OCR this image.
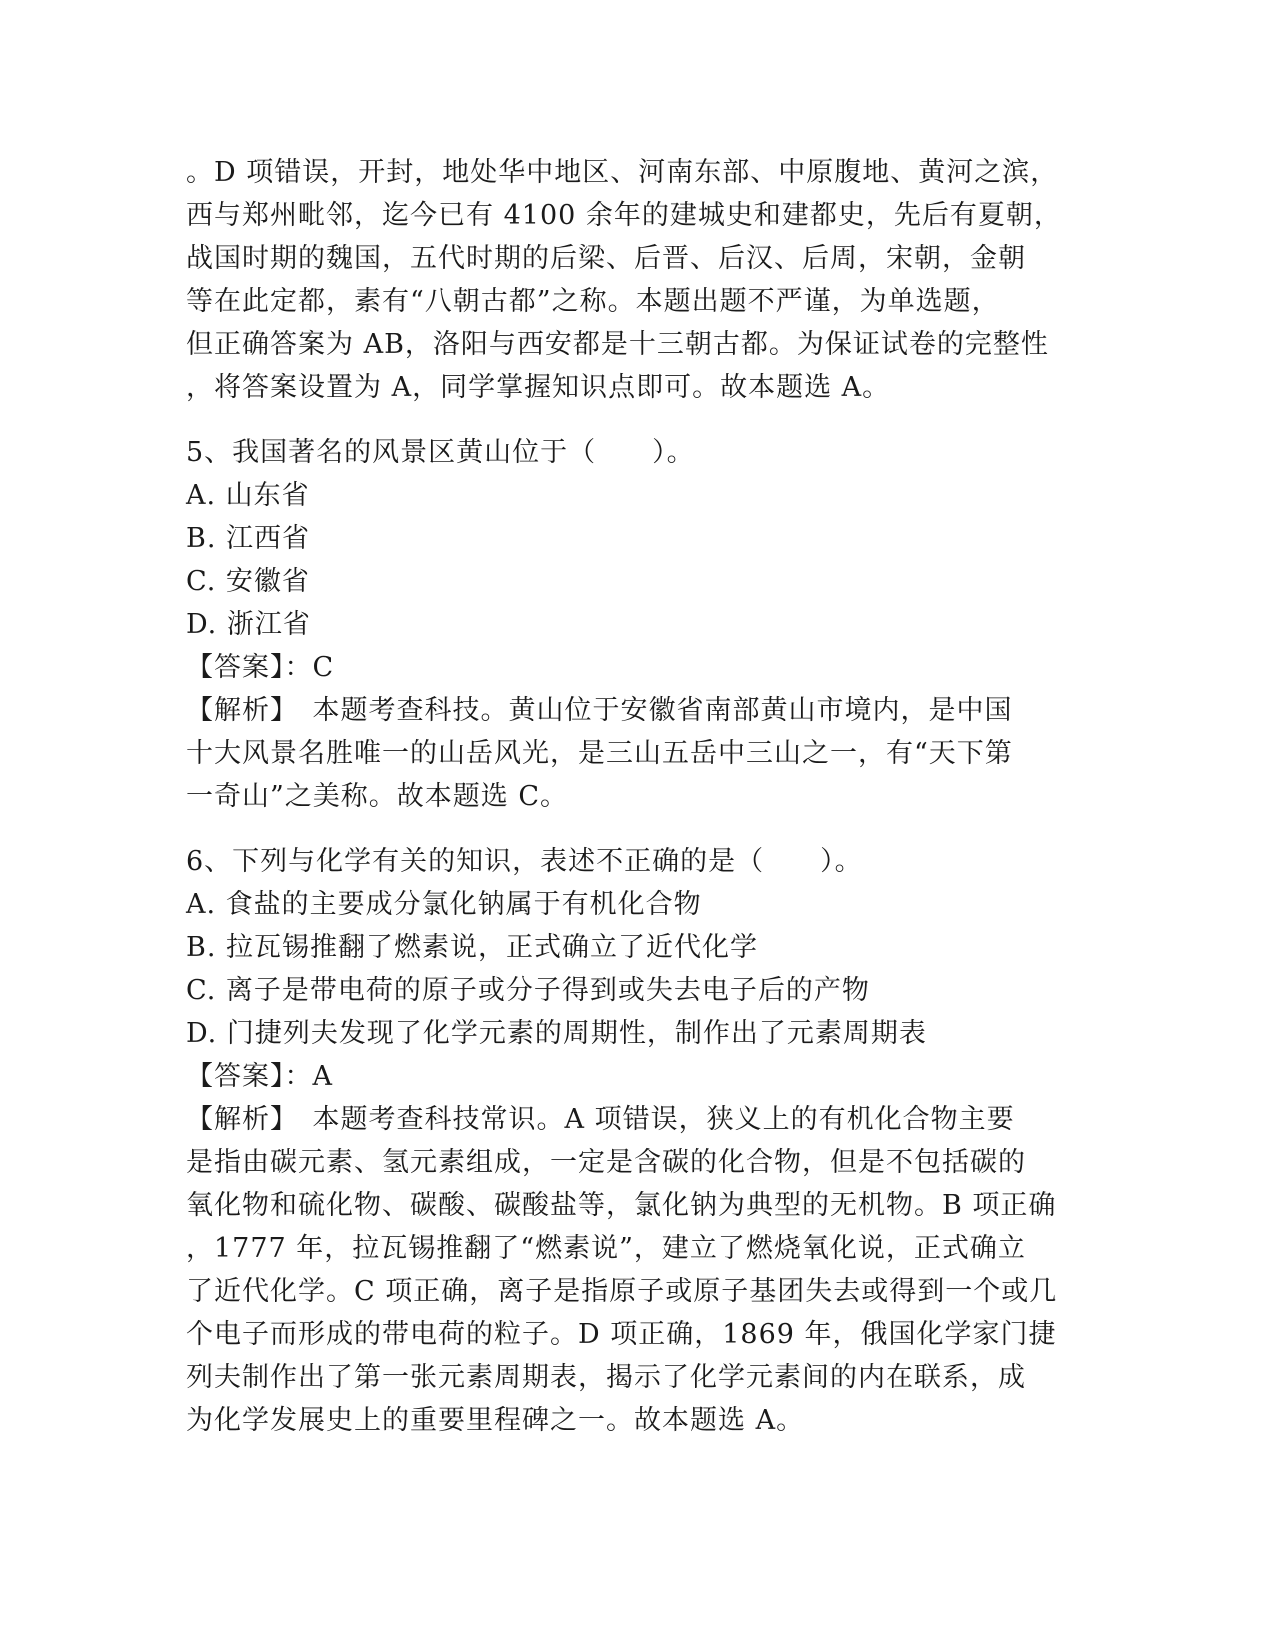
。D 项错误，开封，地处华中地区、河南东部、中原腹地、黄河之滨，
西与郑州毗邻，迄今已有 4100 余年的建城史和建都史，先后有夏朝，
战国时期的魏国，五代时期的后梁、后晋、后汉、后周，宋朝，金朝
等在此定都，素有“八朝古都”之称。本题出题不严谨，为单选题，
但正确答案为 AB，洛阳与西安都是十三朝古都。为保证试卷的完整性
，将答案设置为 A，同学掌握知识点即可。故本题选 A。
5、我国著名的风景区黄山位于（　　）。
A. 山东省
B. 江西省
C. 安徽省
D. 浙江省
【答案】：C
【解析】　本题考查科技。黄山位于安徽省南部黄山市境内，是中国
十大风景名胜唯一的山岳风光，是三山五岳中三山之一，有“天下第
一奇山”之美称。故本题选 C。
6、下列与化学有关的知识，表述不正确的是（　　）。
A. 食盐的主要成分氯化钠属于有机化合物
B. 拉瓦锡推翻了燃素说，正式确立了近代化学
C. 离子是带电荷的原子或分子得到或失去电子后的产物
D. 门捷列夫发现了化学元素的周期性，制作出了元素周期表
【答案】：A
【解析】　本题考查科技常识。A 项错误，狭义上的有机化合物主要
是指由碳元素、氢元素组成，一定是含碳的化合物，但是不包括碳的
氧化物和硫化物、碳酸、碳酸盐等，氯化钠为典型的无机物。B 项正确
，1777 年，拉瓦锡推翻了“燃素说”，建立了燃烧氧化说，正式确立
了近代化学。C 项正确，离子是指原子或原子基团失去或得到一个或几
个电子而形成的带电荷的粒子。D 项正确，1869 年，俄国化学家门捷
列夫制作出了第一张元素周期表，揭示了化学元素间的内在联系，成
为化学发展史上的重要里程碑之一。故本题选 A。
